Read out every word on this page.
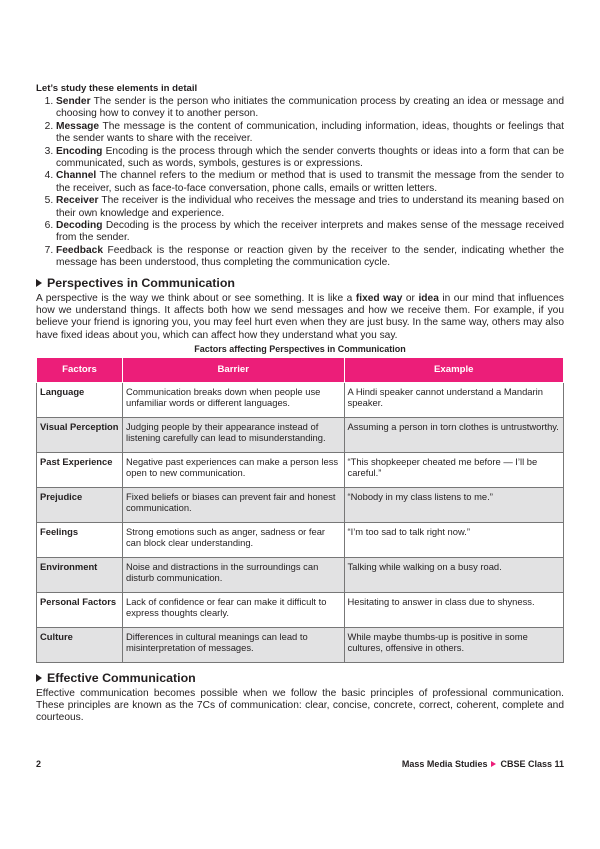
Let’s study these elements in detail
1. Sender The sender is the person who initiates the communication process by creating an idea or message and choosing how to convey it to another person.
2. Message The message is the content of communication, including information, ideas, thoughts or feelings that the sender wants to share with the receiver.
3. Encoding Encoding is the process through which the sender converts thoughts or ideas into a form that can be communicated, such as words, symbols, gestures is or expressions.
4. Channel The channel refers to the medium or method that is used to transmit the message from the sender to the receiver, such as face-to-face conversation, phone calls, emails or written letters.
5. Receiver The receiver is the individual who receives the message and tries to understand its meaning based on their own knowledge and experience.
6. Decoding Decoding is the process by which the receiver interprets and makes sense of the message received from the sender.
7. Feedback Feedback is the response or reaction given by the receiver to the sender, indicating whether the message has been understood, thus completing the communication cycle.
Perspectives in Communication

A perspective is the way we think about or see something. It is like a fixed way or idea in our mind that influences how we understand things. It affects both how we send messages and how we receive them. For example, if you believe your friend is ignoring you, you may feel hurt even when they are just busy. In the same way, others may also have fixed ideas about you, which can affect how they understand what you say.

Factors affecting Perspectives in Communication
Factors	Barrier	Example
Language	Communication breaks down when people use unfamiliar words or different languages.	A Hindi speaker cannot understand a Mandarin speaker.
Visual Perception	Judging people by their appearance instead of listening carefully can lead to misunderstanding.	Assuming a person in torn clothes is untrustworthy.
Past Experience	Negative past experiences can make a person less open to new communication.	“This shopkeeper cheated me before — I’ll be careful.”
Prejudice	Fixed beliefs or biases can prevent fair and honest communication.	“Nobody in my class listens to me.”
Feelings	Strong emotions such as anger, sadness or fear can block clear understanding.	“I’m too sad to talk right now.”
Environment	Noise and distractions in the surroundings can disturb communication.	Talking while walking on a busy road.
Personal Factors	Lack of confidence or fear can make it difficult to express thoughts clearly.	Hesitating to answer in class due to shyness.
Culture	Differences in cultural meanings can lead to misinterpretation of messages.	While maybe thumbs-up is positive in some cultures, offensive in others.
Effective Communication

Effective communication becomes possible when we follow the basic principles of professional communication. These principles are known as the 7Cs of communication: clear, concise, concrete, correct, coherent, complete and courteous.

2	Mass Media Studies CBSE Class 11
